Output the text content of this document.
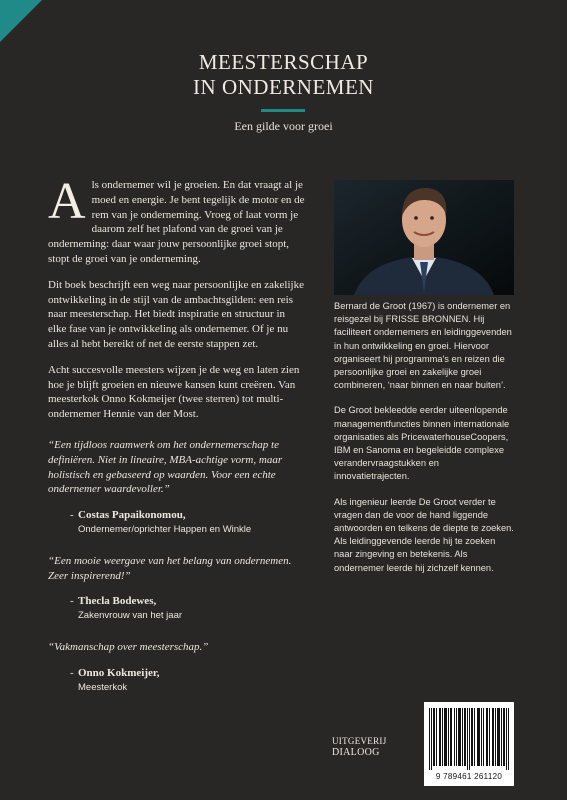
MEESTERSCHAP
IN ONDERNEMEN
Een gilde voor groei

Als ondernemer wil je groeien. En dat vraagt al je moed en energie. Je bent tegelijk de motor en de rem van je onderneming. Vroeg of laat vorm je daarom zelf het plafond van de groei van je onderneming: daar waar jouw persoonlijke groei stopt, stopt de groei van je onderneming.

Dit boek beschrijft een weg naar persoonlijke en zakelijke ontwikkeling in de stijl van de ambachtsgilden: een reis naar meesterschap. Het biedt inspiratie en structuur in elke fase van je ontwikkeling als ondernemer. Of je nu alles al hebt bereikt of net de eerste stappen zet.

Acht succesvolle meesters wijzen je de weg en laten zien hoe je blijft groeien en nieuwe kansen kunt creëren. Van meesterkok Onno Kokmeijer (twee sterren) tot multi-ondernemer Hennie van der Most.

“Een tijdloos raamwerk om het ondernemerschap te definiëren. Niet in lineaire, MBA-achtige vorm, maar holistisch en gebaseerd op waarden. Voor een echte ondernemer waardevoller.”

- Costas Papaikonomou,
Ondernemer/oprichter Happen en Winkle

“Een mooie weergave van het belang van ondernemen. Zeer inspirerend!”

- Thecla Bodewes,
Zakenvrouw van het jaar

“Vakmanschap over meesterschap.”

- Onno Kokmeijer,
Meesterkok

Bernard de Groot (1967) is ondernemer en reisgezel bij FRISSE BRONNEN. Hij faciliteert ondernemers en leidinggevenden in hun ontwikkeling en groei. Hiervoor organiseert hij programma's en reizen die persoonlijke groei en zakelijke groei combineren, ‘naar binnen en naar buiten’.

De Groot bekleedde eerder uiteenlopende managementfuncties binnen internationale organisaties als PricewaterhouseCoopers, IBM en Sanoma en begeleidde complexe verandervraagstukken en innovatietrajecten.

Als ingenieur leerde De Groot verder te vragen dan de voor de hand liggende antwoorden en telkens de diepte te zoeken. Als leidinggevende leerde hij te zoeken naar zingeving en betekenis. Als ondernemer leerde hij zichzelf kennen.

UITGEVERIJ
DIALOOG
9 789461 261120
